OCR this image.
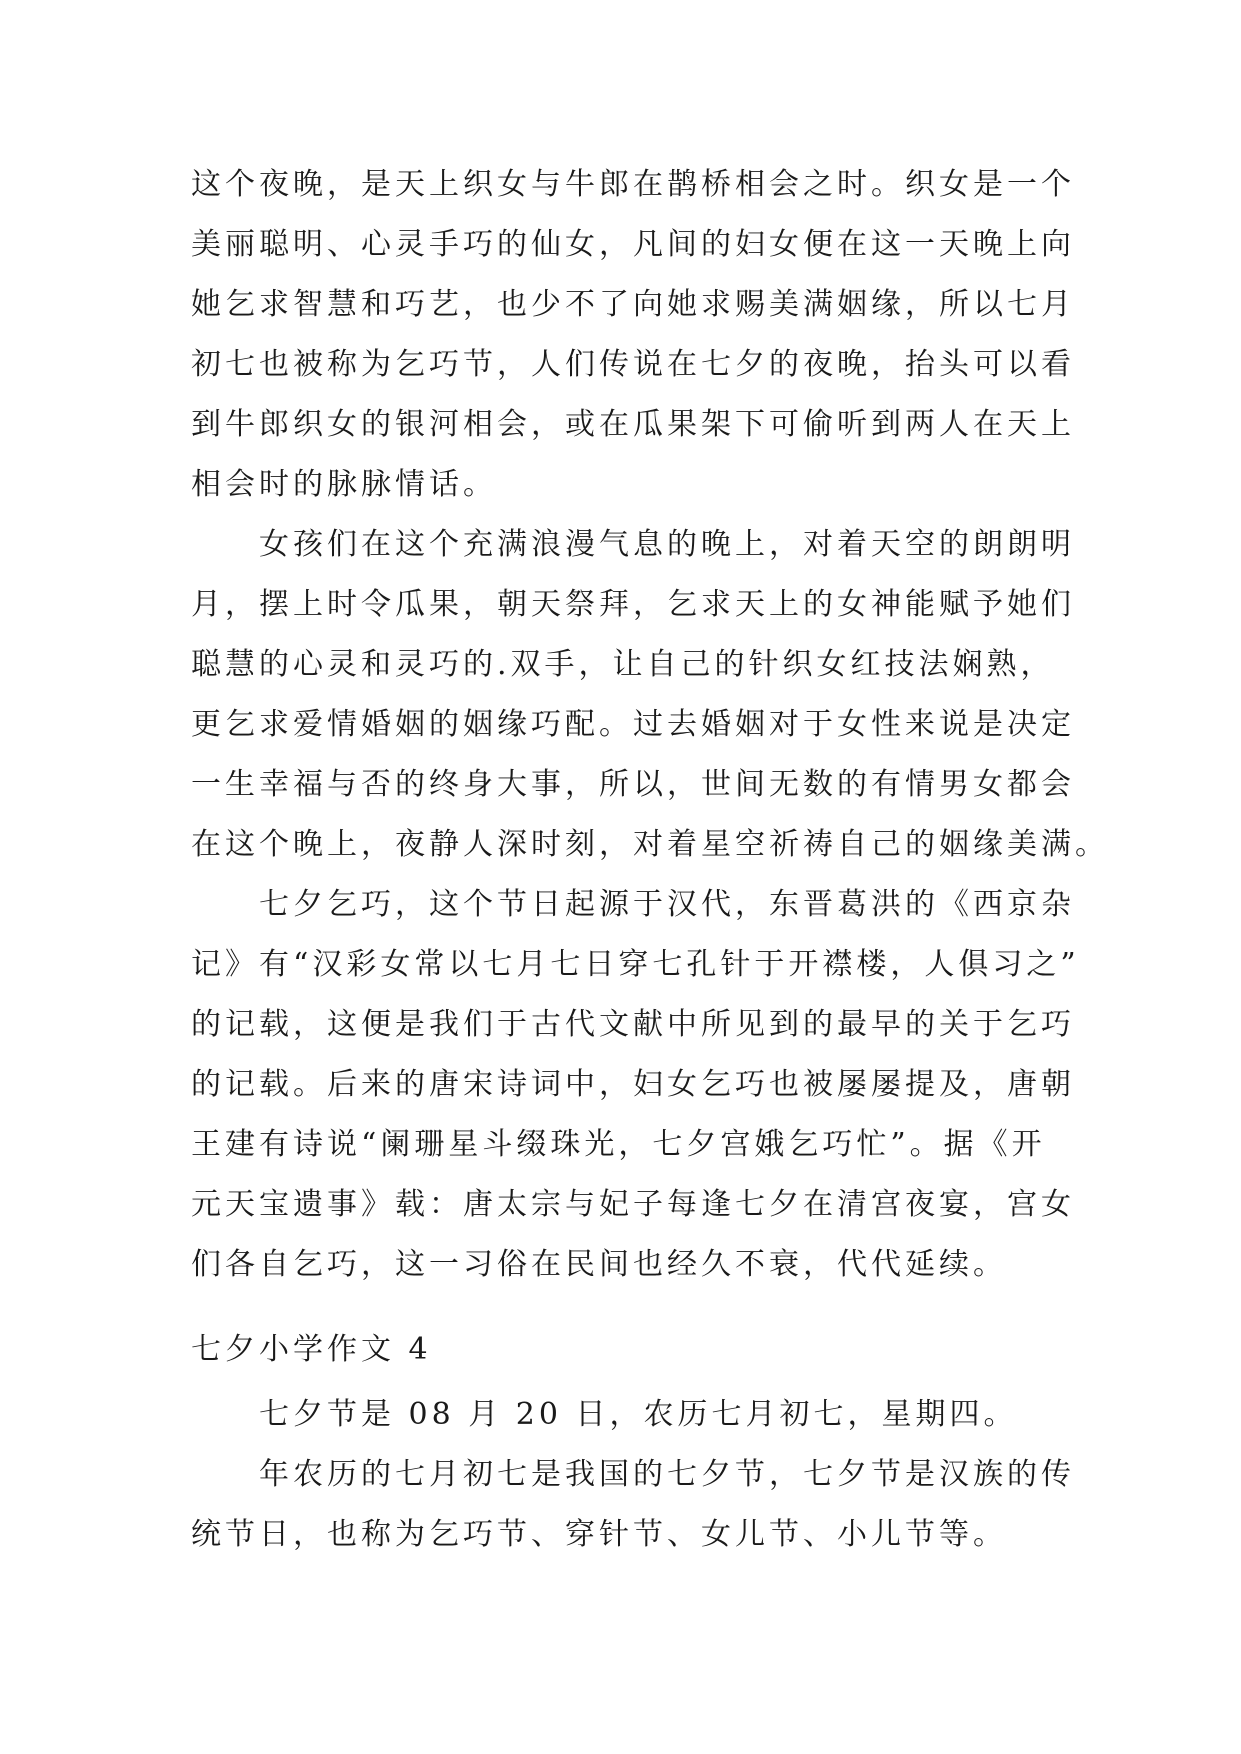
这个夜晚，是天上织女与牛郎在鹊桥相会之时。织女是一个
美丽聪明、心灵手巧的仙女，凡间的妇女便在这一天晚上向
她乞求智慧和巧艺，也少不了向她求赐美满姻缘，所以七月
初七也被称为乞巧节，人们传说在七夕的夜晚，抬头可以看
到牛郎织女的银河相会，或在瓜果架下可偷听到两人在天上
相会时的脉脉情话。
女孩们在这个充满浪漫气息的晚上，对着天空的朗朗明
月，摆上时令瓜果，朝天祭拜，乞求天上的女神能赋予她们
聪慧的心灵和灵巧的.双手，让自己的针织女红技法娴熟，
更乞求爱情婚姻的姻缘巧配。过去婚姻对于女性来说是决定
一生幸福与否的终身大事，所以，世间无数的有情男女都会
在这个晚上，夜静人深时刻，对着星空祈祷自己的姻缘美满。
七夕乞巧，这个节日起源于汉代，东晋葛洪的《西京杂
记》有“汉彩女常以七月七日穿七孔针于开襟楼，人俱习之”
的记载，这便是我们于古代文献中所见到的最早的关于乞巧
的记载。后来的唐宋诗词中，妇女乞巧也被屡屡提及，唐朝
王建有诗说“阑珊星斗缀珠光，七夕宫娥乞巧忙”。据《开
元天宝遗事》载：唐太宗与妃子每逢七夕在清宫夜宴，宫女
们各自乞巧，这一习俗在民间也经久不衰，代代延续。
七夕小学作文 4
七夕节是 08 月 20 日，农历七月初七，星期四。
年农历的七月初七是我国的七夕节，七夕节是汉族的传
统节日，也称为乞巧节、穿针节、女儿节、小儿节等。
